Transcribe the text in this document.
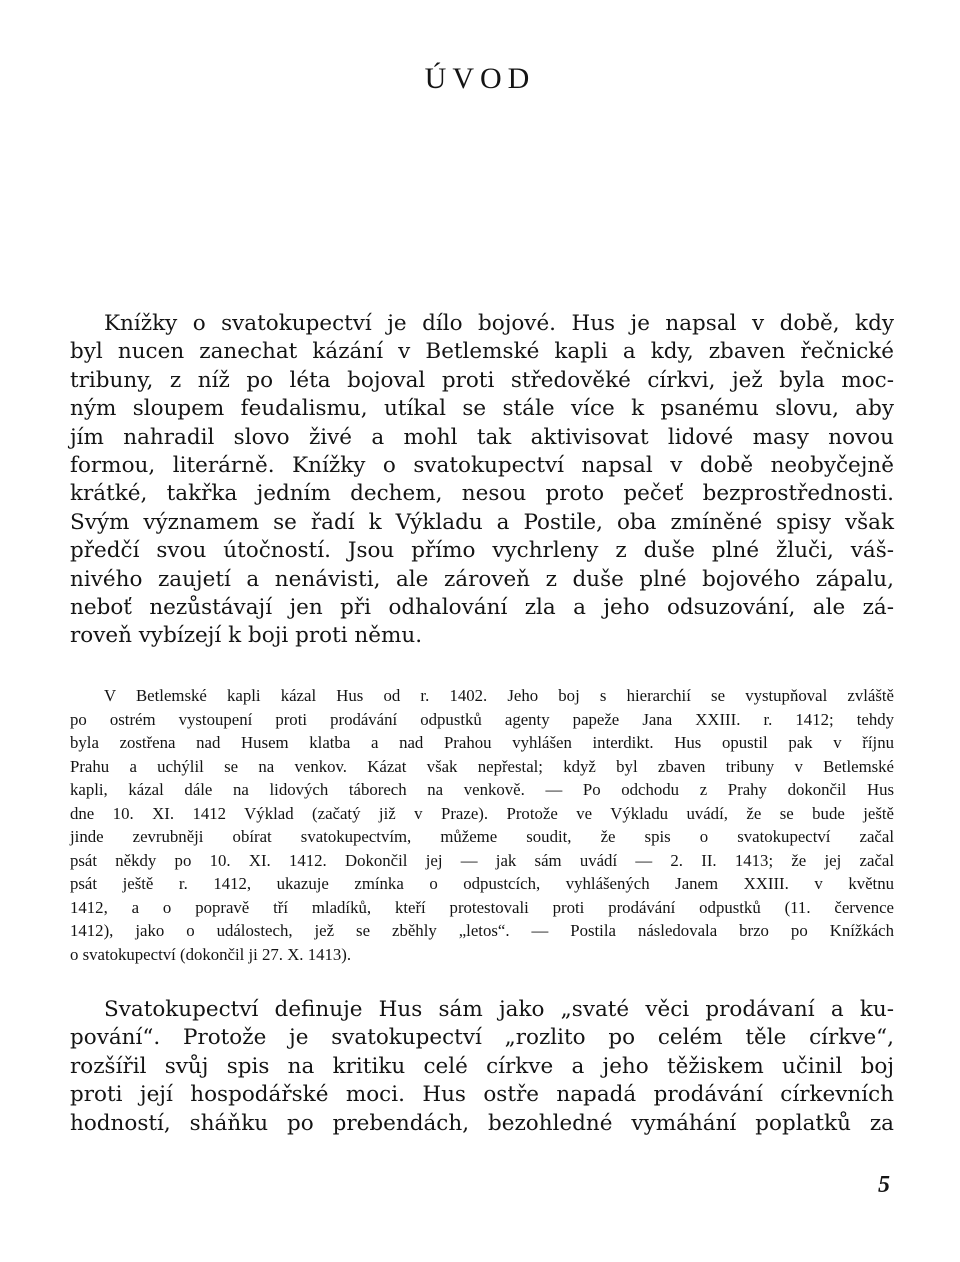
ÚVOD

Knížky o svatokupectví je dílo bojové. Hus je napsal v době, kdy
byl nucen zanechat kázání v Betlemské kapli a kdy, zbaven řečnické
tribuny, z níž po léta bojoval proti středověké církvi, jež byla moc-
ným sloupem feudalismu, utíkal se stále více k psanému slovu, aby
jím nahradil slovo živé a mohl tak aktivisovat lidové masy novou
formou, literárně. Knížky o svatokupectví napsal v době neobyčejně
krátké, takřka jedním dechem, nesou proto pečeť bezprostřednosti.
Svým významem se řadí k Výkladu a Postile, oba zmíněné spisy však
předčí svou útočností. Jsou přímo vychrleny z duše plné žluči, váš-
nivého zaujetí a nenávisti, ale zároveň z duše plné bojového zápalu,
neboť nezůstávají jen při odhalování zla a jeho odsuzování, ale zá-
roveň vybízejí k boji proti němu.

V Betlemské kapli kázal Hus od r. 1402. Jeho boj s hierarchií se vystupňoval zvláště
po ostrém vystoupení proti prodávání odpustků agenty papeže Jana XXIII. r. 1412; tehdy
byla zostřena nad Husem klatba a nad Prahou vyhlášen interdikt. Hus opustil pak v říjnu
Prahu a uchýlil se na venkov. Kázat však nepřestal; když byl zbaven tribuny v Betlemské
kapli, kázal dále na lidových táborech na venkově. — Po odchodu z Prahy dokončil Hus
dne 10. XI. 1412 Výklad (začatý již v Praze). Protože ve Výkladu uvádí, že se bude ještě
jinde zevrubněji obírat svatokupectvím, můžeme soudit, že spis o svatokupectví začal
psát někdy po 10. XI. 1412. Dokončil jej — jak sám uvádí — 2. II. 1413; že jej začal
psát ještě r. 1412, ukazuje zmínka o odpustcích, vyhlášených Janem XXIII. v květnu
1412, a o popravě tří mladíků, kteří protestovali proti prodávání odpustků (11. července
1412), jako o událostech, jež se zběhly „letos“. — Postila následovala brzo po Knížkách
o svatokupectví (dokončil ji 27. X. 1413).

Svatokupectví definuje Hus sám jako „svaté věci prodávaní a ku-
pování“. Protože je svatokupectví „rozlito po celém těle církve“,
rozšířil svůj spis na kritiku celé církve a jeho těžiskem učinil boj
proti její hospodářské moci. Hus ostře napadá prodávání církevních
hodností, sháňku po prebendách, bezohledné vymáhání poplatků za

5
